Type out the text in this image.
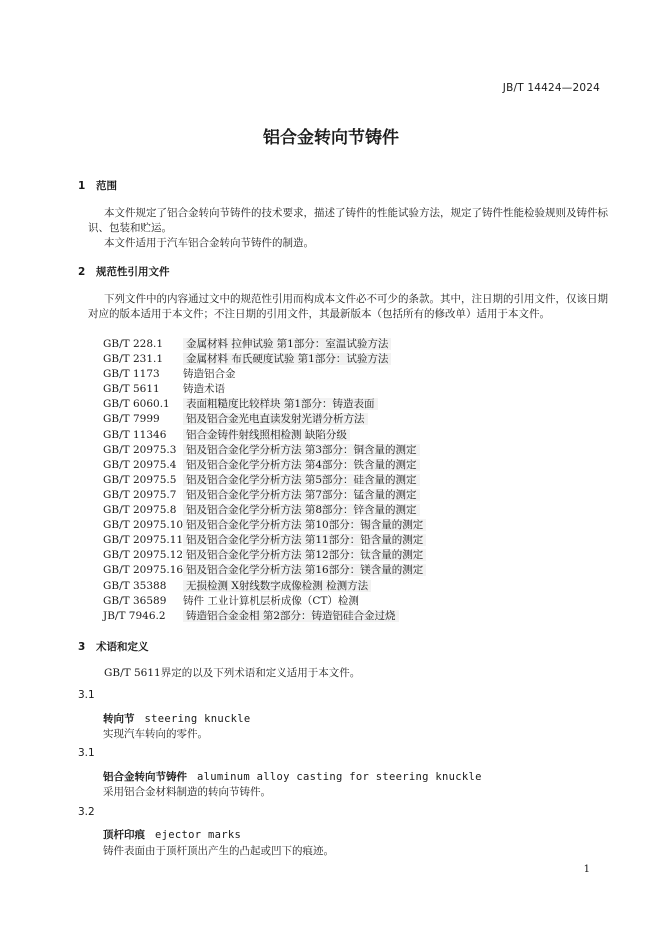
JB/T 14424—2024
铝合金转向节铸件
1 范围

本文件规定了铝合金转向节铸件的技术要求，描述了铸件的性能试验方法，规定了铸件性能检验规则及铸件标识、包装和贮运。

本文件适用于汽车铝合金转向节铸件的制造。

2 规范性引用文件

下列文件中的内容通过文中的规范性引用而构成本文件必不可少的条款。其中，注日期的引用文件，仅该日期对应的版本适用于本文件；不注日期的引用文件，其最新版本（包括所有的修改单）适用于本文件。

GB/T 228.1 金属材料 拉伸试验 第1部分：室温试验方法
GB/T 231.1 金属材料 布氏硬度试验 第1部分：试验方法
GB/T 1173 铸造铝合金
GB/T 5611 铸造术语
GB/T 6060.1 表面粗糙度比较样块 第1部分：铸造表面
GB/T 7999	铝及铝合金光电直读发射光谱分析方法
GB/T 11346 铝合金铸件射线照相检测 缺陷分级
GB/T 20975.3 铝及铝合金化学分析方法 第3部分：铜含量的测定
GB/T 20975.4 铝及铝合金化学分析方法 第4部分：铁含量的测定
GB/T 20975.5 铝及铝合金化学分析方法 第5部分：硅含量的测定
GB/T 20975.7 铝及铝合金化学分析方法 第7部分：锰含量的测定
GB/T 20975.8 铝及铝合金化学分析方法 第8部分：锌含量的测定
GB/T 20975.10 铝及铝合金化学分析方法 第10部分：锡含量的测定
GB/T 20975.11 铝及铝合金化学分析方法 第11部分：铅含量的测定
GB/T 20975.12 铝及铝合金化学分析方法 第12部分：钛含量的测定
GB/T 20975.16 铝及铝合金化学分析方法 第16部分：镁含量的测定
GB/T 35388 无损检测 X射线数字成像检测 检测方法
GB/T 36589 铸件 工业计算机层析成像（CT）检测
JB/T 7946.2 铸造铝合金金相 第2部分：铸造铝硅合金过烧
3 术语和定义

GB/T 5611界定的以及下列术语和定义适用于本文件。

3.1
转向节 steering knuckle
实现汽车转向的零件。
3.1
铝合金转向节铸件 aluminum alloy casting for steering knuckle
采用铝合金材料制造的转向节铸件。
3.2
顶杆印痕 ejector marks
铸件表面由于顶杆顶出产生的凸起或凹下的痕迹。
1
